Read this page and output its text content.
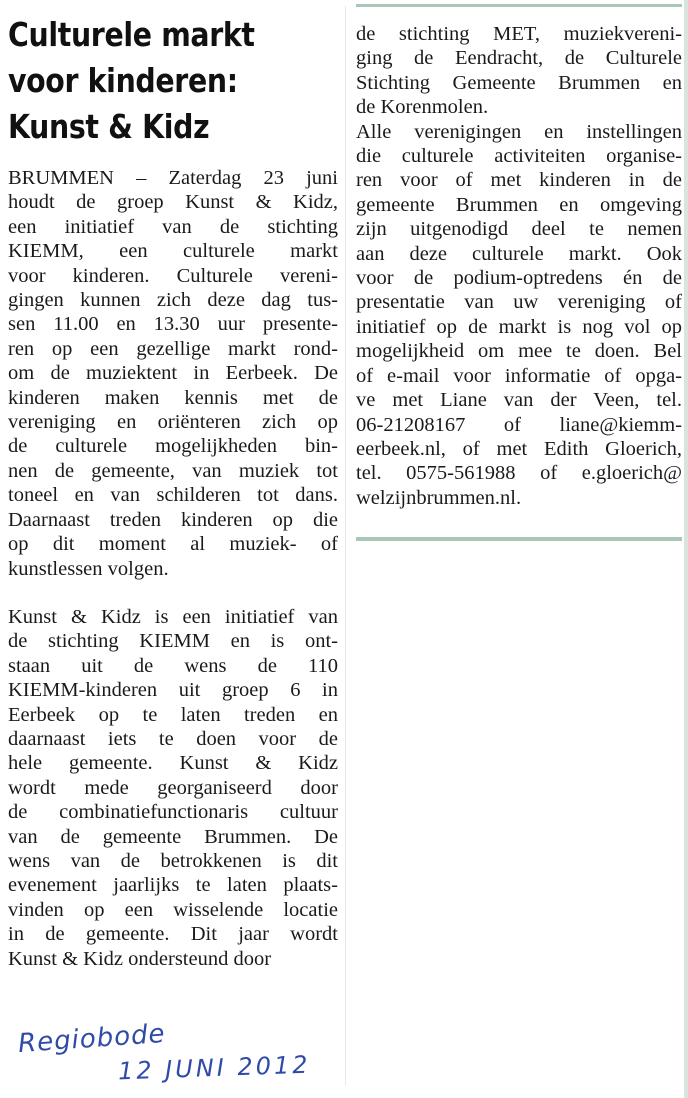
Culturele markt
voor kinderen:
Kunst & Kidz
BRUMMEN – Zaterdag 23 juni
houdt de groep Kunst & Kidz,
een initiatief van de stichting
KIEMM, een culturele markt
voor kinderen. Culturele vereni-
gingen kunnen zich deze dag tus-
sen 11.00 en 13.30 uur presente-
ren op een gezellige markt rond-
om de muziektent in Eerbeek. De
kinderen maken kennis met de
vereniging en oriënteren zich op
de culturele mogelijkheden bin-
nen de gemeente, van muziek tot
toneel en van schilderen tot dans.
Daarnaast treden kinderen op die
op dit moment al muziek- of
kunstlessen volgen.
Kunst & Kidz is een initiatief van
de stichting KIEMM en is ont-
staan uit de wens de 110
KIEMM-kinderen uit groep 6 in
Eerbeek op te laten treden en
daarnaast iets te doen voor de
hele gemeente. Kunst & Kidz
wordt mede georganiseerd door
de combinatiefunctionaris cultuur
van de gemeente Brummen. De
wens van de betrokkenen is dit
evenement jaarlijks te laten plaats-
vinden op een wisselende locatie
in de gemeente. Dit jaar wordt
Kunst & Kidz ondersteund door
de stichting MET, muziekvereni-
ging de Eendracht, de Culturele
Stichting Gemeente Brummen en
de Korenmolen.
Alle verenigingen en instellingen
die culturele activiteiten organise-
ren voor of met kinderen in de
gemeente Brummen en omgeving
zijn uitgenodigd deel te nemen
aan deze culturele markt. Ook
voor de podium-optredens én de
presentatie van uw vereniging of
initiatief op de markt is nog vol op
mogelijkheid om mee te doen. Bel
of e-mail voor informatie of opga-
ve met Liane van der Veen, tel.
06-21208167 of liane@kiemm-
eerbeek.nl, of met Edith Gloerich,
tel. 0575-561988 of e.gloerich@
welzijnbrummen.nl.
Regiobode
12 JUNI 2012
